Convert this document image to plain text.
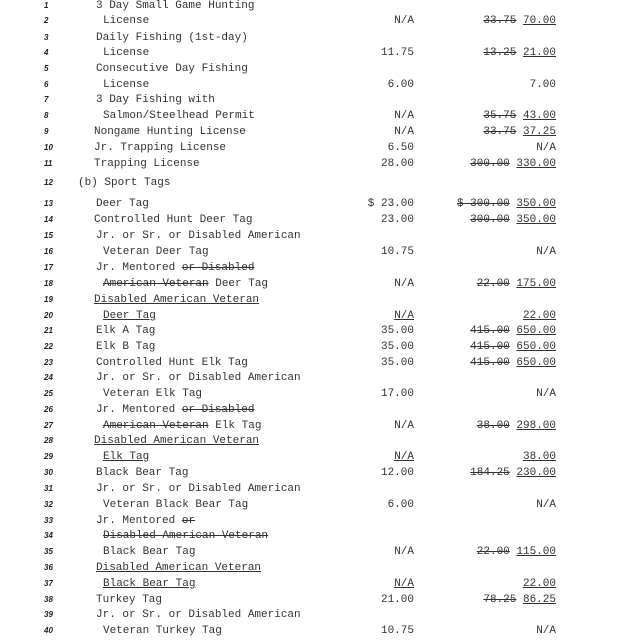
1	3 Day Small Game Hunting
2	License	N/A	33.75 70.00
3	Daily Fishing (1st-day)
4	License	11.75	13.25 21.00
5	Consecutive Day Fishing
6	License	6.00	7.00
7	3 Day Fishing with
8	Salmon/Steelhead Permit	N/A	35.75 43.00
9	Nongame Hunting License	N/A	33.75 37.25
10	Jr. Trapping License	6.50	N/A
11	Trapping License	28.00	300.00 330.00
12	(b) Sport Tags
13	Deer Tag	$ 23.00	$ 300.00 350.00
14	Controlled Hunt Deer Tag	23.00	300.00 350.00
15	Jr. or Sr. or Disabled American
16	Veteran Deer Tag	10.75	N/A
17	Jr. Mentored or Disabled
18	American Veteran Deer Tag	N/A	22.00 175.00
19	Disabled American Veteran
20	Deer Tag	N/A	22.00
21	Elk A Tag	35.00	415.00 650.00
22	Elk B Tag	35.00	415.00 650.00
23	Controlled Hunt Elk Tag	35.00	415.00 650.00
24	Jr. or Sr. or Disabled American
25	Veteran Elk Tag	17.00	N/A
26	Jr. Mentored or Disabled
27	American Veteran Elk Tag	N/A	38.00 298.00
28	Disabled American Veteran
29	Elk Tag	N/A	38.00
30	Black Bear Tag	12.00	184.25 230.00
31	Jr. or Sr. or Disabled American
32	Veteran Black Bear Tag	6.00	N/A
33	Jr. Mentored or
34	Disabled American Veteran
35	Black Bear Tag	N/A	22.00 115.00
36	Disabled American Veteran
37	Black Bear Tag	N/A	22.00
38	Turkey Tag	21.00	78.25 86.25
39	Jr. or Sr. or Disabled American
40	Veteran Turkey Tag	10.75	N/A
